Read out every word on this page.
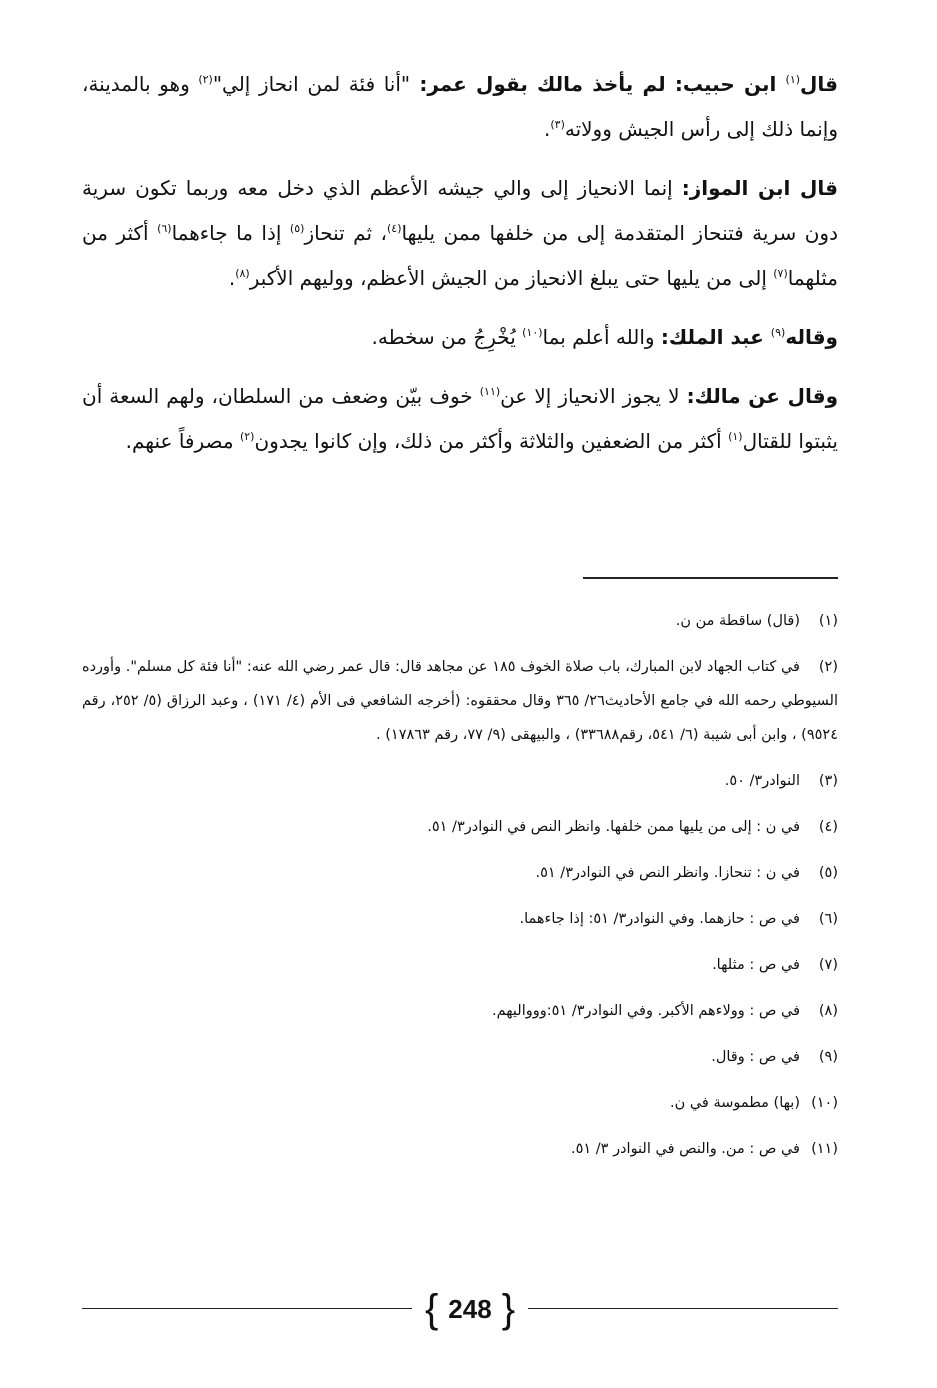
قال$^{(١)}$ ابن حبيب: لم يأخذ مالك بقول عمر: "أنا فئة لمن انحاز إلي"$^{(٢)}$ وهو بالمدينة، وإنما ذلك إلى رأس الجيش وولاته$^{(٣)}$.

قال ابن المواز: إنما الانحياز إلى والي جيشه الأعظم الذي دخل معه وربما تكون سرية دون سرية فتنحاز المتقدمة إلى من خلفها ممن يليها$^{(٤)}$، ثم تنحاز$^{(٥)}$ إذا ما جاءهما$^{(٦)}$ أكثر من مثلهما$^{(٧)}$ إلى من يليها حتى يبلغ الانحياز من الجيش الأعظم، ووليهم الأكبر$^{(٨)}$.

وقاله$^{(٩)}$ عبد الملك: والله أعلم بما$^{(١٠)}$ يُخْرِجُ من سخطه.

وقال عن مالك: لا يجوز الانحياز إلا عن$^{(١١)}$ خوف بيّن وضعف من السلطان، ولهم السعة أن يثبتوا للقتال$^{(١)}$ أكثر من الضعفين والثلاثة وأكثر من ذلك، وإن كانوا يجدون$^{(٢)}$ مصرفاً عنهم.

(١)(قال) ساقطة من ن.
(٢)في كتاب الجهاد لابن المبارك، باب صلاة الخوف ١٨٥ عن مجاهد قال: قال عمر رضي الله عنه: "أنا فئة كل مسلم". وأورده السيوطي رحمه الله في جامع الأحاديث٢٦/ ٣٦٥ وقال محققوه: (أخرجه الشافعي فى الأم (٤/ ١٧١) ، وعبد الرزاق (٥/ ٢٥٢، رقم ٩٥٢٤) ، وابن أبى شيبة (٦/ ٥٤١، رقم٣٣٦٨٨) ، والبيهقى (٩/ ٧٧، رقم ١٧٨٦٣) .
(٣)النوادر٣/ ٥٠.
(٤)في ن : إلى من يليها ممن خلفها. وانظر النص في النوادر٣/ ٥١.
(٥)في ن : تنحازا. وانظر النص في النوادر٣/ ٥١.
(٦)في ص : حازهما. وفي النوادر٣/ ٥١: إذا جاءهما.
(٧)في ص : مثلها.
(٨)في ص : وولاءهم الأكبر. وفي النوادر٣/ ٥١:ووواليهم.
(٩)في ص : وقال.
(١٠)(بها) مطموسة في ن.
(١١)في ص : من. والنص في النوادر ٣/ ٥١.
{ 248 }
